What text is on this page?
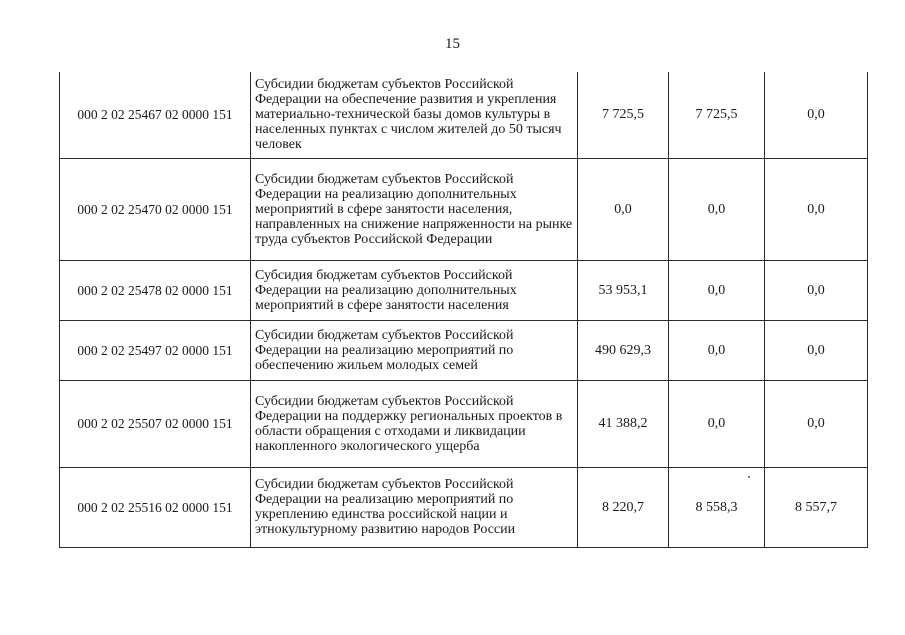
15
000 2 02 25467 02 0000 151	Субсидии бюджетам субъектов Российской Федерации на обеспечение развития и укрепления материально-технической базы домов культуры в населенных пунктах с числом жителей до 50 тысяч человек	7 725,5	7 725,5	0,0
000 2 02 25470 02 0000 151	Субсидии бюджетам субъектов Российской Федерации на реализацию дополнительных мероприятий в сфере занятости населения, направленных на снижение напряженности на рынке труда субъектов Российской Федерации	0,0	0,0	0,0
000 2 02 25478 02 0000 151	Субсидия бюджетам субъектов Российской Федерации на реализацию дополнительных мероприятий в сфере занятости населения	53 953,1	0,0	0,0
000 2 02 25497 02 0000 151	Субсидии бюджетам субъектов Российской Федерации на реализацию мероприятий по обеспечению жильем молодых семей	490 629,3	0,0	0,0
000 2 02 25507 02 0000 151	Субсидии бюджетам субъектов Российской Федерации на поддержку региональных проектов в области обращения с отходами и ликвидации накопленного экологического ущерба	41 388,2	0,0	0,0
000 2 02 25516 02 0000 151	Субсидии бюджетам субъектов Российской Федерации на реализацию мероприятий по укреплению единства российской нации и этнокультурному развитию народов России	8 220,7	8 558,3	8 557,7
